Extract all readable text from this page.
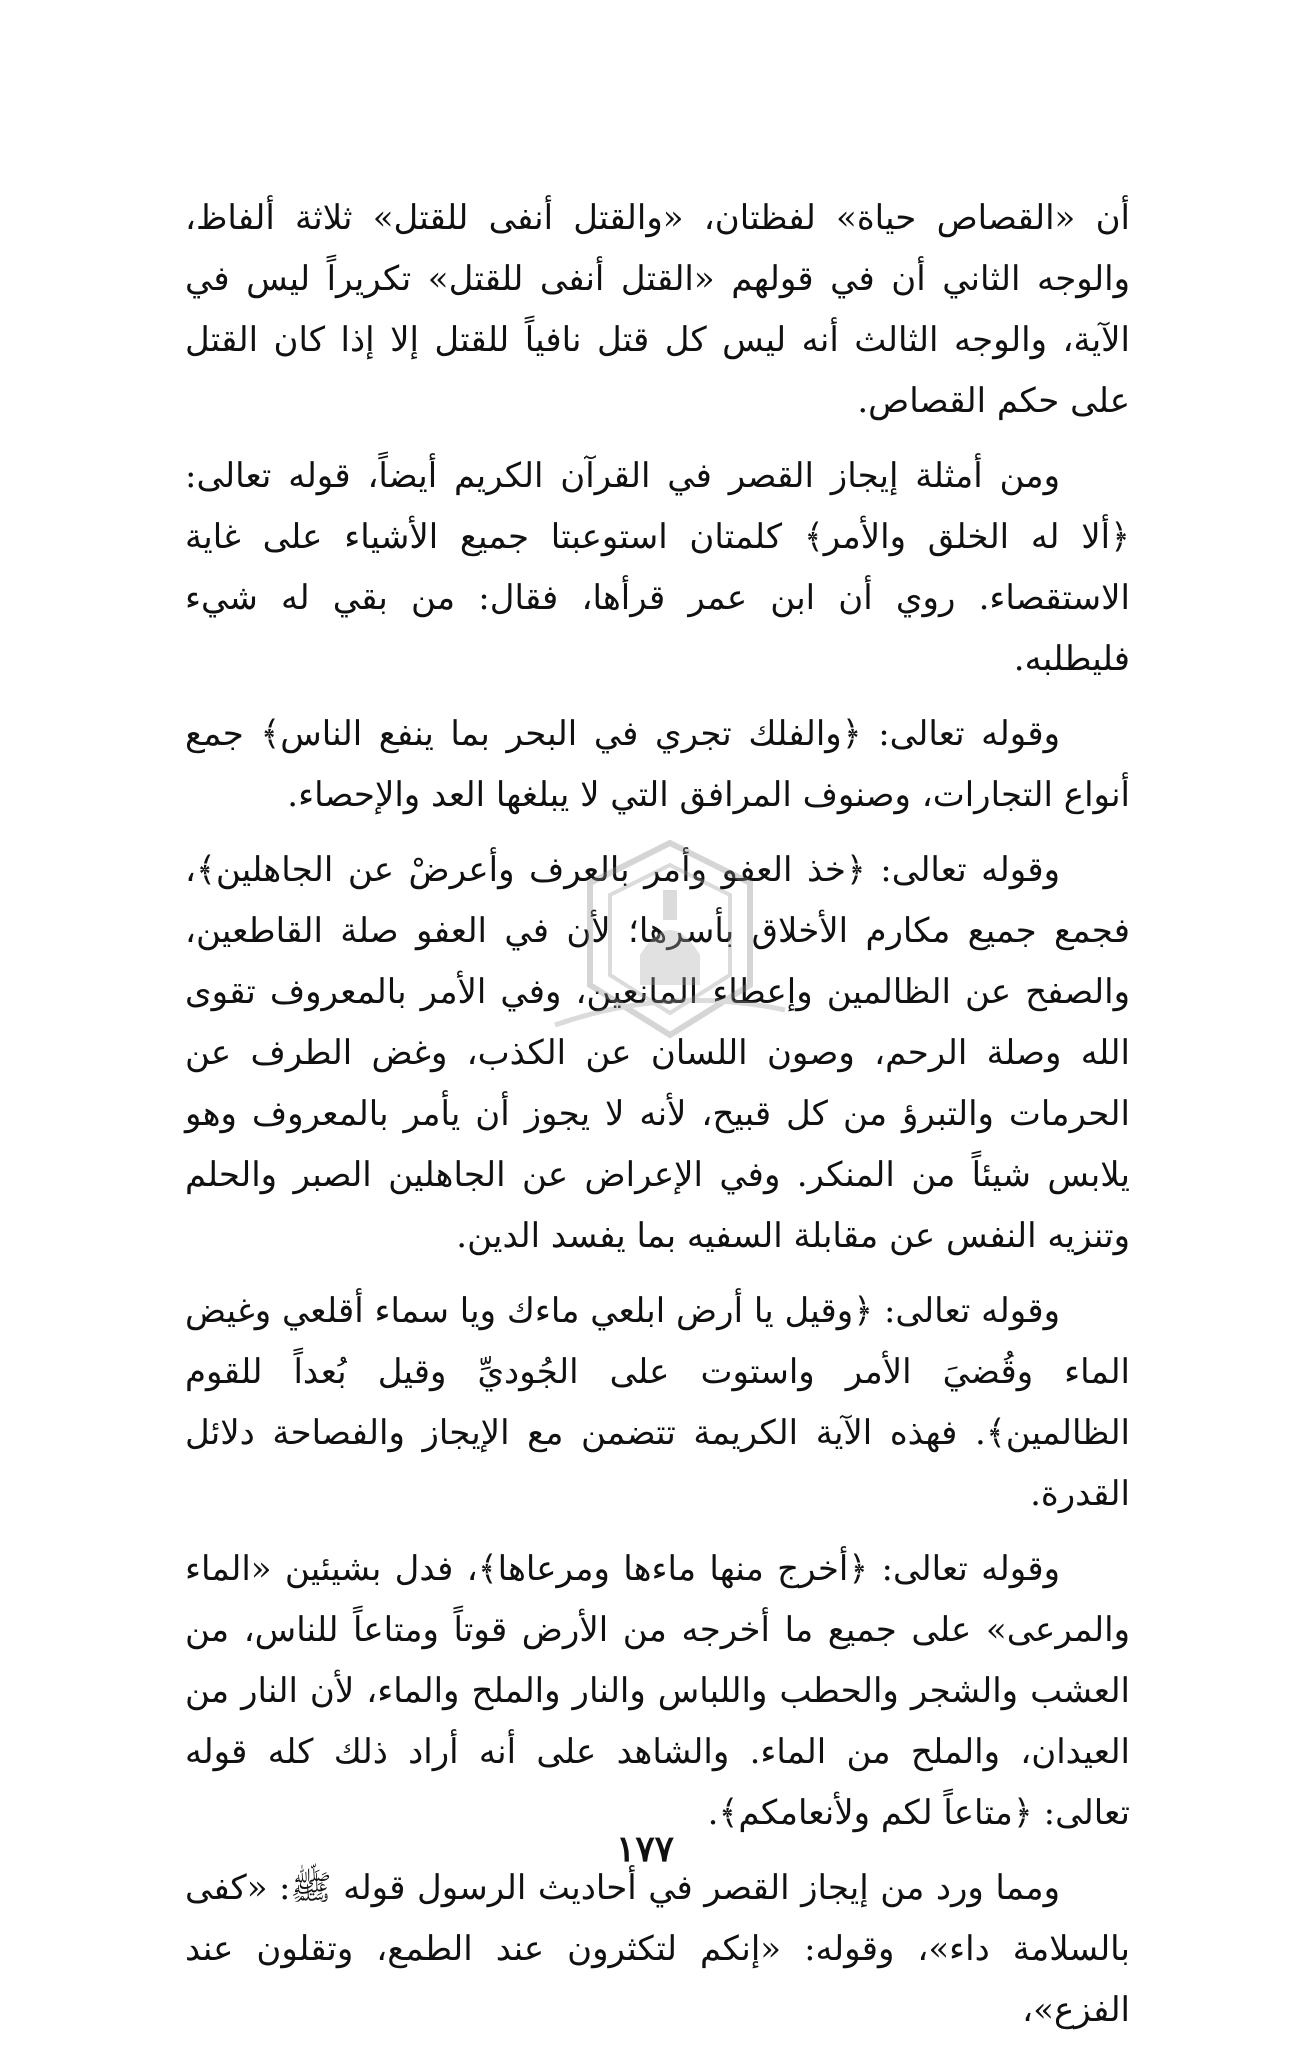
أن «القصاص حياة» لفظتان، «والقتل أنفى للقتل» ثلاثة ألفاظ، والوجه الثاني أن في قولهم «القتل أنفى للقتل» تكريراً ليس في الآية، والوجه الثالث أنه ليس كل قتل نافياً للقتل إلا إذا كان القتل على حكم القصاص.

ومن أمثلة إيجاز القصر في القرآن الكريم أيضاً، قوله تعالى: ﴿ألا له الخلق والأمر﴾ كلمتان استوعبتا جميع الأشياء على غاية الاستقصاء. روي أن ابن عمر قرأها، فقال: من بقي له شيء فليطلبه.

وقوله تعالى: ﴿والفلك تجري في البحر بما ينفع الناس﴾ جمع أنواع التجارات، وصنوف المرافق التي لا يبلغها العد والإحصاء.

وقوله تعالى: ﴿خذ العفو وأمر بالعرف وأعرضْ عن الجاهلين﴾، فجمع جميع مكارم الأخلاق بأسرها؛ لأن في العفو صلة القاطعين، والصفح عن الظالمين وإعطاء المانعين، وفي الأمر بالمعروف تقوى الله وصلة الرحم، وصون اللسان عن الكذب، وغض الطرف عن الحرمات والتبرؤ من كل قبيح، لأنه لا يجوز أن يأمر بالمعروف وهو يلابس شيئاً من المنكر. وفي الإعراض عن الجاهلين الصبر والحلم وتنزيه النفس عن مقابلة السفيه بما يفسد الدين.

وقوله تعالى: ﴿وقيل يا أرض ابلعي ماءك ويا سماء أقلعي وغيض الماء وقُضيَ الأمر واستوت على الجُوديِّ وقيل بُعداً للقوم الظالمين﴾. فهذه الآية الكريمة تتضمن مع الإيجاز والفصاحة دلائل القدرة.

وقوله تعالى: ﴿أخرج منها ماءها ومرعاها﴾، فدل بشيئين «الماء والمرعى» على جميع ما أخرجه من الأرض قوتاً ومتاعاً للناس، من العشب والشجر والحطب واللباس والنار والملح والماء، لأن النار من العيدان، والملح من الماء. والشاهد على أنه أراد ذلك كله قوله تعالى: ﴿متاعاً لكم ولأنعامكم﴾.

ومما ورد من إيجاز القصر في أحاديث الرسول قوله ﷺ: «كفى بالسلامة داء»، وقوله: «إنكم لتكثرون عند الطمع، وتقلون عند الفزع»،

١٧٧
